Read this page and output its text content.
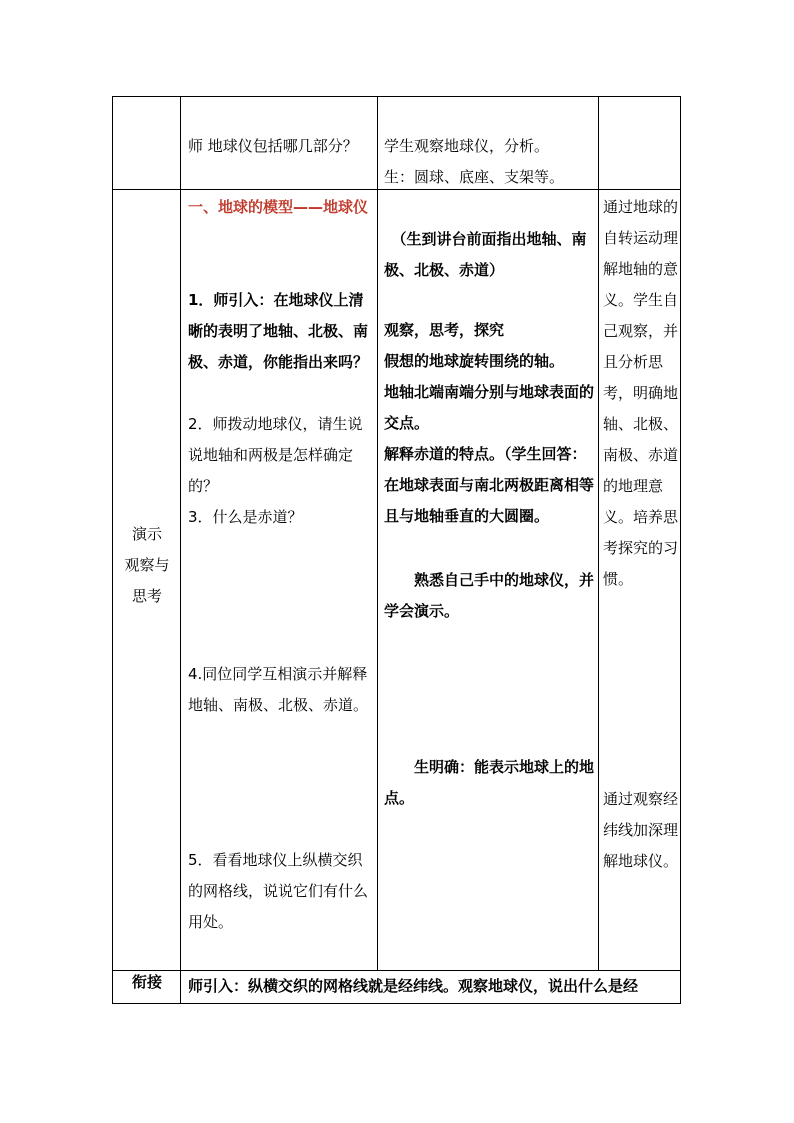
师 地球仪包括哪几部分？	学生观察地球仪，分析。

生：圆球、底座、支架等。

演示

观察与

思考

一、地球的模型——地球仪

1．师引入：在地球仪上清晰的表明了地轴、北极、南极、赤道，你能指出来吗？

2．师拨动地球仪，请生说说地轴和两极是怎样确定的？

3．什么是赤道？

4.同位同学互相演示并解释地轴、南极、北极、赤道。

5．看看地球仪上纵横交织的网格线，说说它们有什么用处。

（生到讲台前面指出地轴、南极、北极、赤道）

观察，思考，探究

假想的地球旋转围绕的轴。

地轴北端南端分别与地球表面的交点。

解释赤道的特点。（学生回答：在地球表面与南北两极距离相等且与地轴垂直的大圆圈。

熟悉自己手中的地球仪，并学会演示。

生明确：能表示地球上的地点。

通过地球的自转运动理解地轴的意义。学生自己观察，并且分析思考，明确地轴、北极、南极、赤道的地理意义。培养思考探究的习惯。

通过观察经纬线加深理解地球仪。

衔接	师引入：纵横交织的网格线就是经纬线。观察地球仪，说出什么是经
